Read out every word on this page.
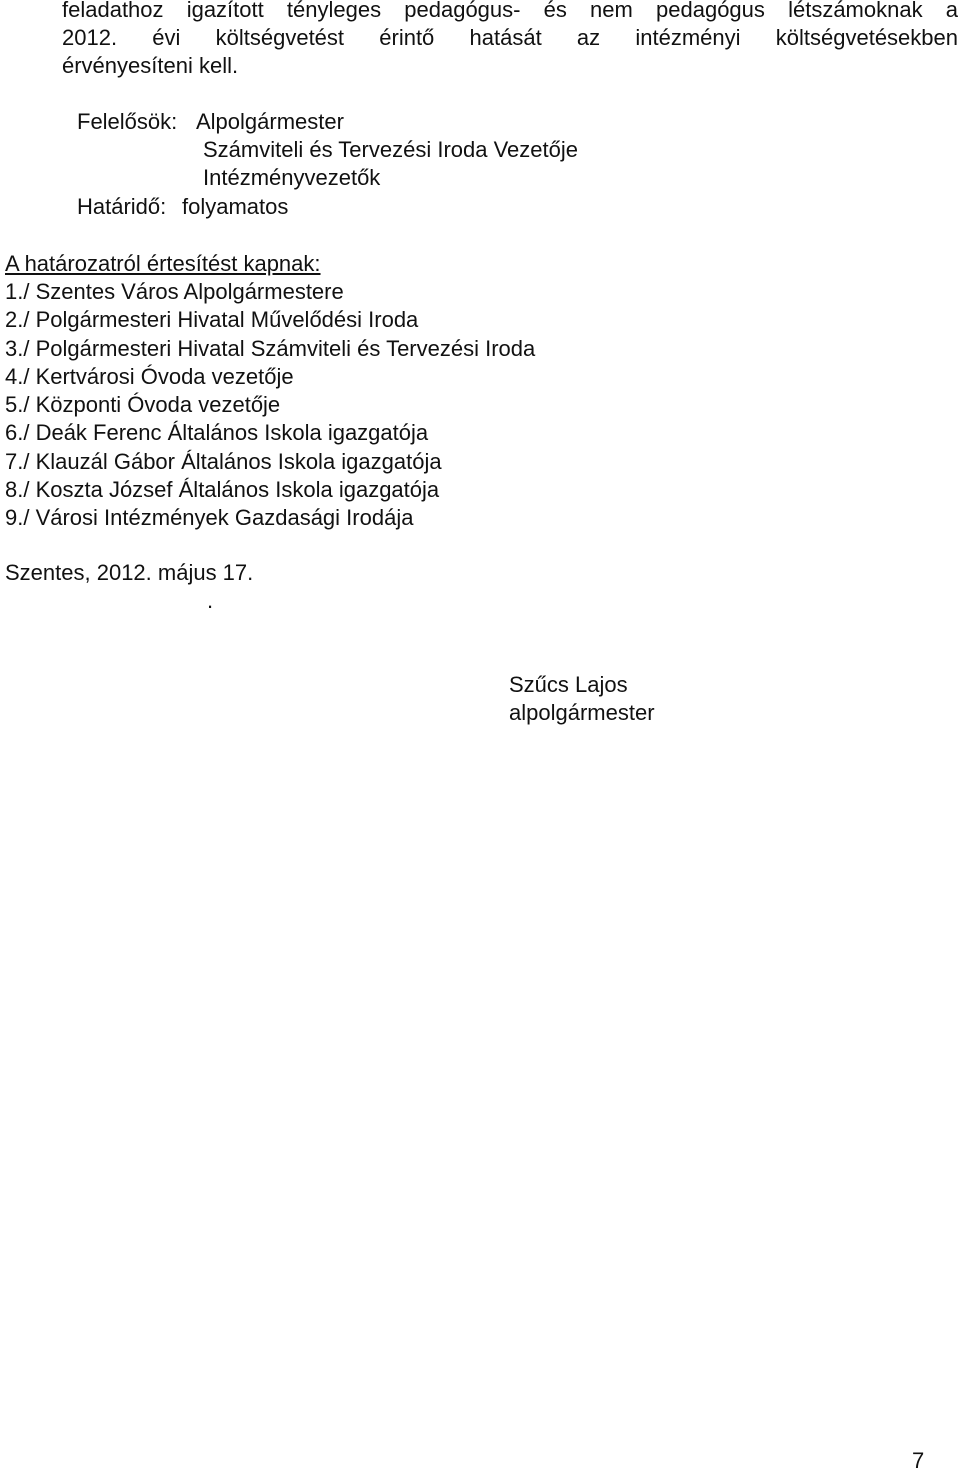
feladathoz igazított tényleges pedagógus- és nem pedagógus létszámoknak a
2012. évi költségvetést érintő hatását az intézményi költségvetésekben
érvényesíteni kell.
Felelősök: Alpolgármester
Számviteli és Tervezési Iroda Vezetője
Intézményvezetők
Határidő: folyamatos
A határozatról értesítést kapnak:
1./ Szentes Város Alpolgármestere
2./ Polgármesteri Hivatal Művelődési Iroda
3./ Polgármesteri Hivatal Számviteli és Tervezési Iroda
4./ Kertvárosi Óvoda vezetője
5./ Központi Óvoda vezetője
6./ Deák Ferenc Általános Iskola igazgatója
7./ Klauzál Gábor Általános Iskola igazgatója
8./ Koszta József Általános Iskola igazgatója
9./ Városi Intézmények Gazdasági Irodája
Szentes, 2012. május 17.
.
Szűcs Lajos
alpolgármester
7
